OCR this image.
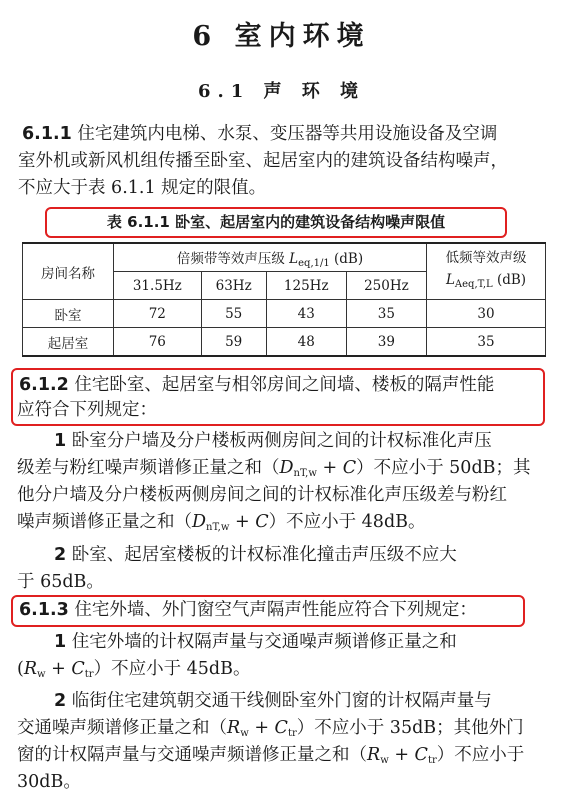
6 室内环境
6.1 声 环 境
6.1.1 住宅建筑内电梯、水泵、变压器等共用设施设备及空调
室外机或新风机组传播至卧室、起居室内的建筑设备结构噪声，
不应大于表 6.1.1 规定的限值。
表 6.1.1 卧室、起居室内的建筑设备结构噪声限值
房间名称	倍频带等效声压级 $L_{eq,1/1}$ (dB)				低频等效声级
$L_{Aeq,T,L}$ (dB)
	31.5Hz	63Hz	125Hz	250Hz	
卧室	72	55	43	35	30
起居室	76	59	48	39	35
6.1.2 住宅卧室、起居室与相邻房间之间墙、楼板的隔声性能
应符合下列规定：
1 卧室分户墙及分户楼板两侧房间之间的计权标准化声压
级差与粉红噪声频谱修正量之和$(D_{nT,w} + C)$不应小于 50dB；其
他分户墙及分户楼板两侧房间之间的计权标准化声压级差与粉红
噪声频谱修正量之和$(D_{nT,w} + C)$不应小于 48dB。
2 卧室、起居室楼板的计权标准化撞击声压级不应大
于 65dB。
6.1.3 住宅外墙、外门窗空气声隔声性能应符合下列规定：
1 住宅外墙的计权隔声量与交通噪声频谱修正量之和
$(R_w + C_{tr})$不应小于 45dB。
2 临街住宅建筑朝交通干线侧卧室外门窗的计权隔声量与
交通噪声频谱修正量之和$(R_w + C_{tr})$不应小于 35dB；其他外门
窗的计权隔声量与交通噪声频谱修正量之和$(R_w + C_{tr})$不应小于
30dB。
